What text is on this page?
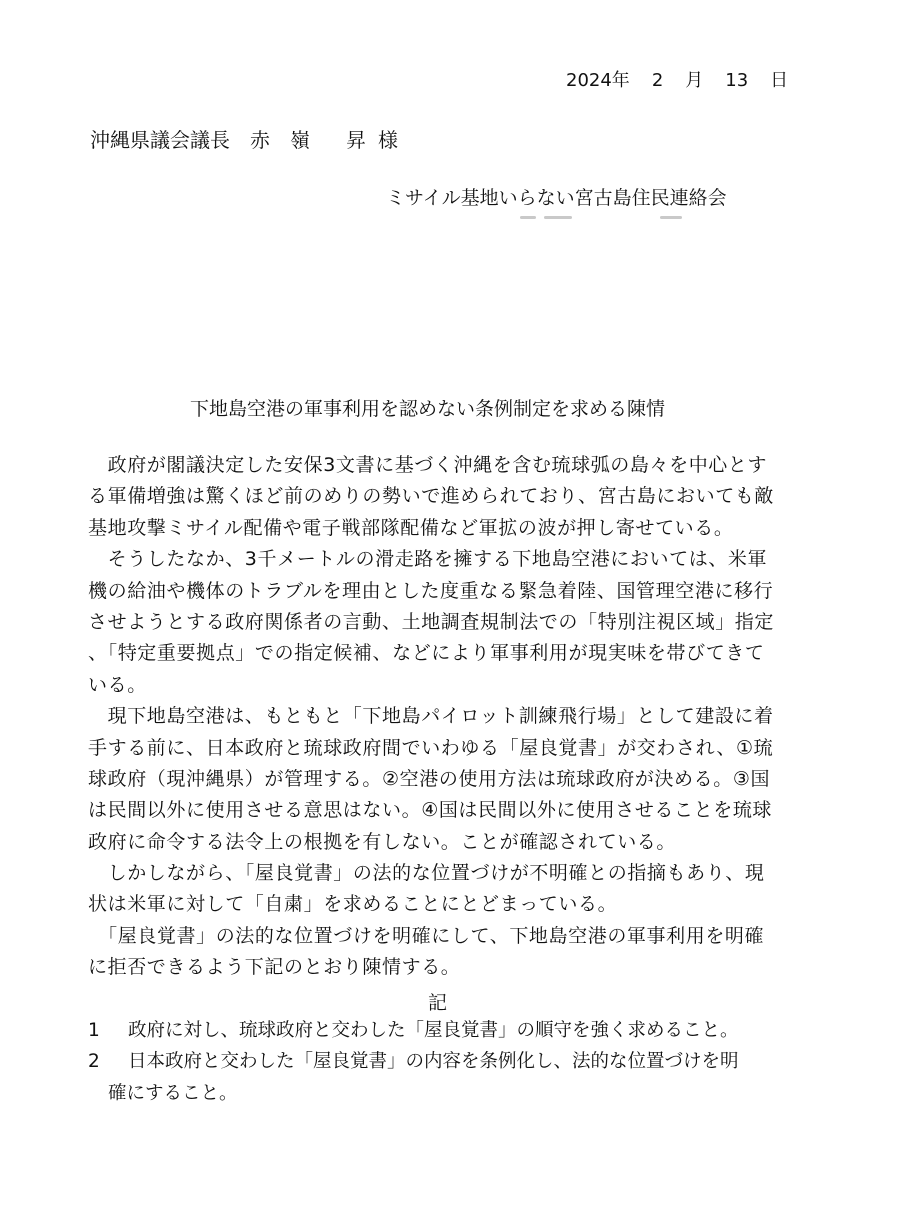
2024年 2 月 13 日
沖縄県議会議長 赤 嶺 昇 様
ミサイル基地いらない宮古島住民連絡会
下地島空港の軍事利用を認めない条例制定を求める陳情
　政府が閣議決定した安保3文書に基づく沖縄を含む琉球弧の島々を中心とす
る軍備増強は驚くほど前のめりの勢いで進められており、宮古島においても敵
基地攻撃ミサイル配備や電子戦部隊配備など軍拡の波が押し寄せている。
　そうしたなか、3千メートルの滑走路を擁する下地島空港においては、米軍
機の給油や機体のトラブルを理由とした度重なる緊急着陸、国管理空港に移行
させようとする政府関係者の言動、土地調査規制法での「特別注視区域」指定
、「特定重要拠点」での指定候補、などにより軍事利用が現実味を帯びてきて
いる。
　現下地島空港は、もともと「下地島パイロット訓練飛行場」として建設に着
手する前に、日本政府と琉球政府間でいわゆる「屋良覚書」が交わされ、①琉
球政府（現沖縄県）が管理する。②空港の使用方法は琉球政府が決める。③国
は民間以外に使用させる意思はない。④国は民間以外に使用させることを琉球
政府に命令する法令上の根拠を有しない。ことが確認されている。
　しかしながら、「屋良覚書」の法的な位置づけが不明確との指摘もあり、現
状は米軍に対して「自粛」を求めることにとどまっている。
　「屋良覚書」の法的な位置づけを明確にして、下地島空港の軍事利用を明確
に拒否できるよう下記のとおり陳情する。
記
1 政府に対し、琉球政府と交わした「屋良覚書」の順守を強く求めること。
2 日本政府と交わした「屋良覚書」の内容を条例化し、法的な位置づけを明
確にすること。
